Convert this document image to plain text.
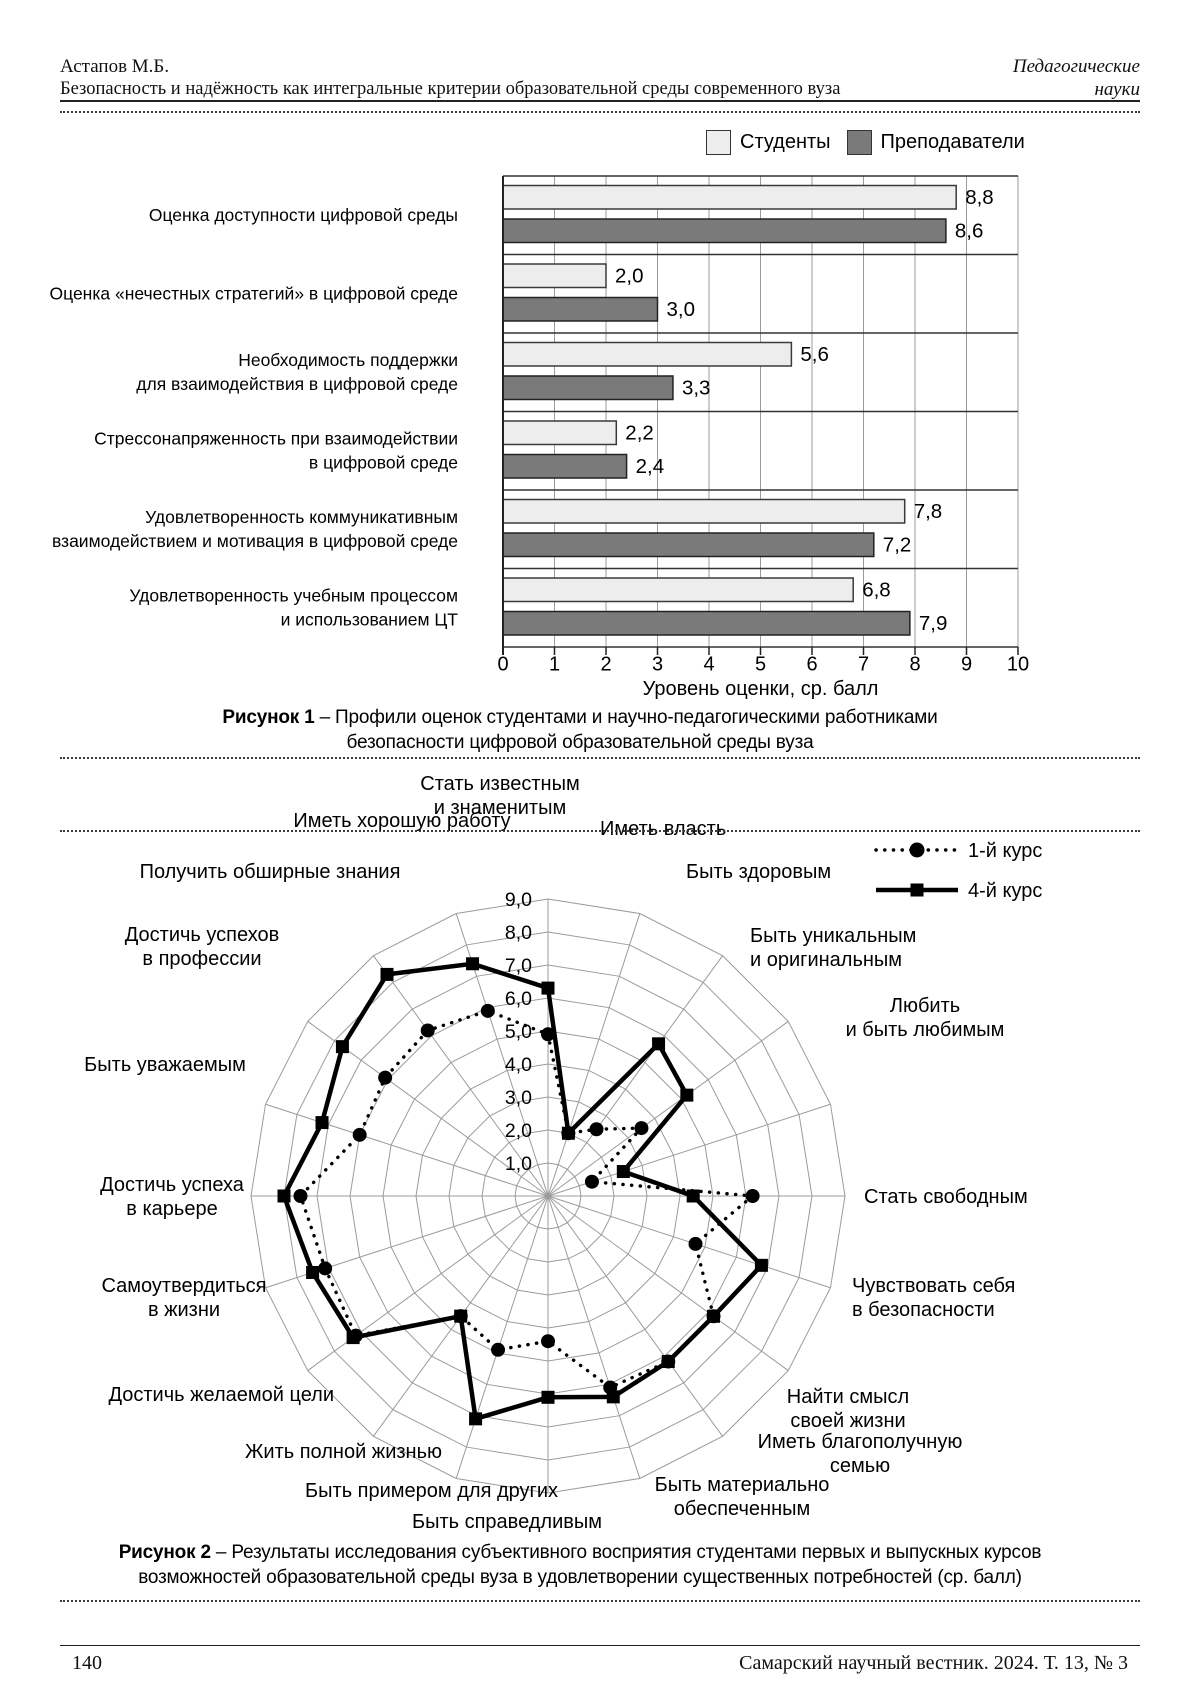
Астапов М.Б.	Педагогические
Безопасность и надёжность как интегральные критерии образовательной среды современного вуза	науки
Студенты	Преподаватели
8,8
8,6
Оценка доступности цифровой среды
2,0
3,0
Оценка «нечестных стратегий» в цифровой среде
5,6
3,3
Необходимость поддержки
для взаимодействия в цифровой среде
2,2
2,4
Стрессонапряженность при взаимодействии
в цифровой среде
7,8
7,2
Удовлетворенность коммуникативным
взаимодействием и мотивация в цифровой среде
6,8
7,9
Удовлетворенность учебным процессом
и использованием ЦТ
0 1 2 3 4 5 6 7 8 9 10
Уровень оценки, ср. балл
9,0
8,0
7,0
6,0
5,0
4,0
3,0
2,0
1,0
Стать известным и знаменитым
Иметь власть
Быть здоровым
Быть уникальным и оригинальным
Любить и быть любимым
Стать свободным
Чувствовать себя в безопасности
Найти смысл своей жизни
Иметь благополучную семью
Быть материально обеспеченным
Быть справедливым
Быть примером для других
Жить полной жизнью
Достичь желаемой цели
Самоутвердиться в жизни
Достичь успеха в карьере
Быть уважаемым
Достичь успехов в профессии
Получить обширные знания
Иметь хорошую работу
1-й курс
4-й курс
Рисунок 1 – Профили оценок студентами и научно-педагогическими работниками
безопасности цифровой образовательной среды вуза
Рисунок 2 – Результаты исследования субъективного восприятия студентами первых и выпускных курсов
возможностей образовательной среды вуза в удовлетворении существенных потребностей (ср. балл)
140	Самарский научный вестник. 2024. Т. 13, № 3
